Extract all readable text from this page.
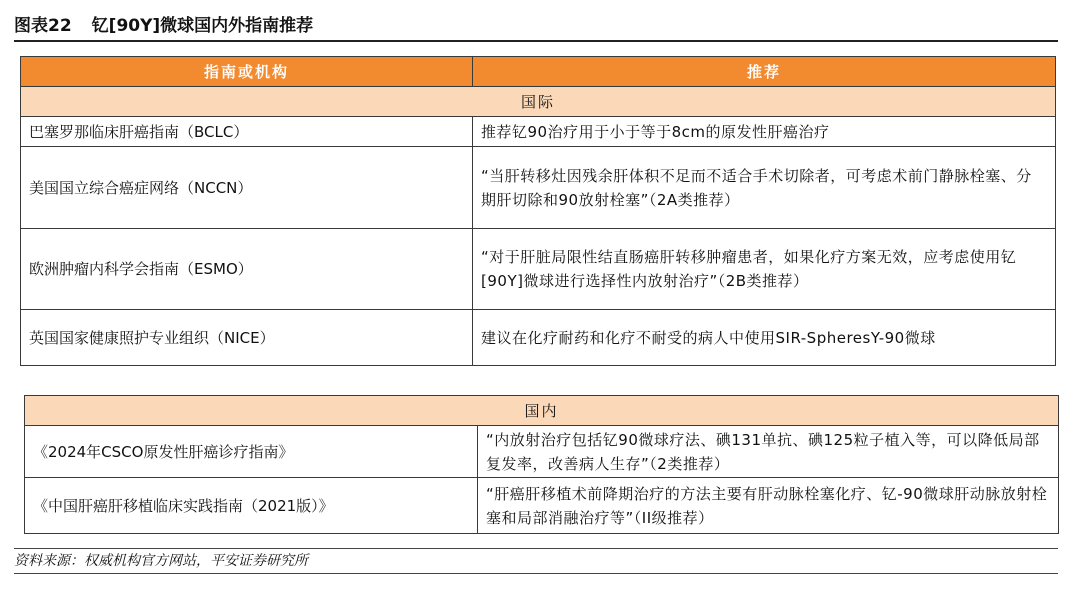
图表22 钇[90Y]微球国内外指南推荐
指南或机构	推荐
国际	
巴塞罗那临床肝癌指南（BCLC）	推荐钇90治疗用于小于等于8cm的原发性肝癌治疗
美国国立综合癌症网络（NCCN）	“当肝转移灶因残余肝体积不足而不适合手术切除者，可考虑术前门静脉栓塞、分期肝切除和90放射栓塞”（2A类推荐）
欧洲肿瘤内科学会指南（ESMO）	“对于肝脏局限性结直肠癌肝转移肿瘤患者，如果化疗方案无效，应考虑使用钇[90Y]微球进行选择性内放射治疗”（2B类推荐）
英国国家健康照护专业组织（NICE）	建议在化疗耐药和化疗不耐受的病人中使用SIR-SpheresY-90微球
国内	
《2024年CSCO原发性肝癌诊疗指南》	“内放射治疗包括钇90微球疗法、碘131单抗、碘125粒子植入等，可以降低局部复发率，改善病人生存”（2类推荐）
《中国肝癌肝移植临床实践指南（2021版）》	“肝癌肝移植术前降期治疗的方法主要有肝动脉栓塞化疗、钇-90微球肝动脉放射栓塞和局部消融治疗等”（II级推荐）
资料来源：权威机构官方网站，平安证券研究所
